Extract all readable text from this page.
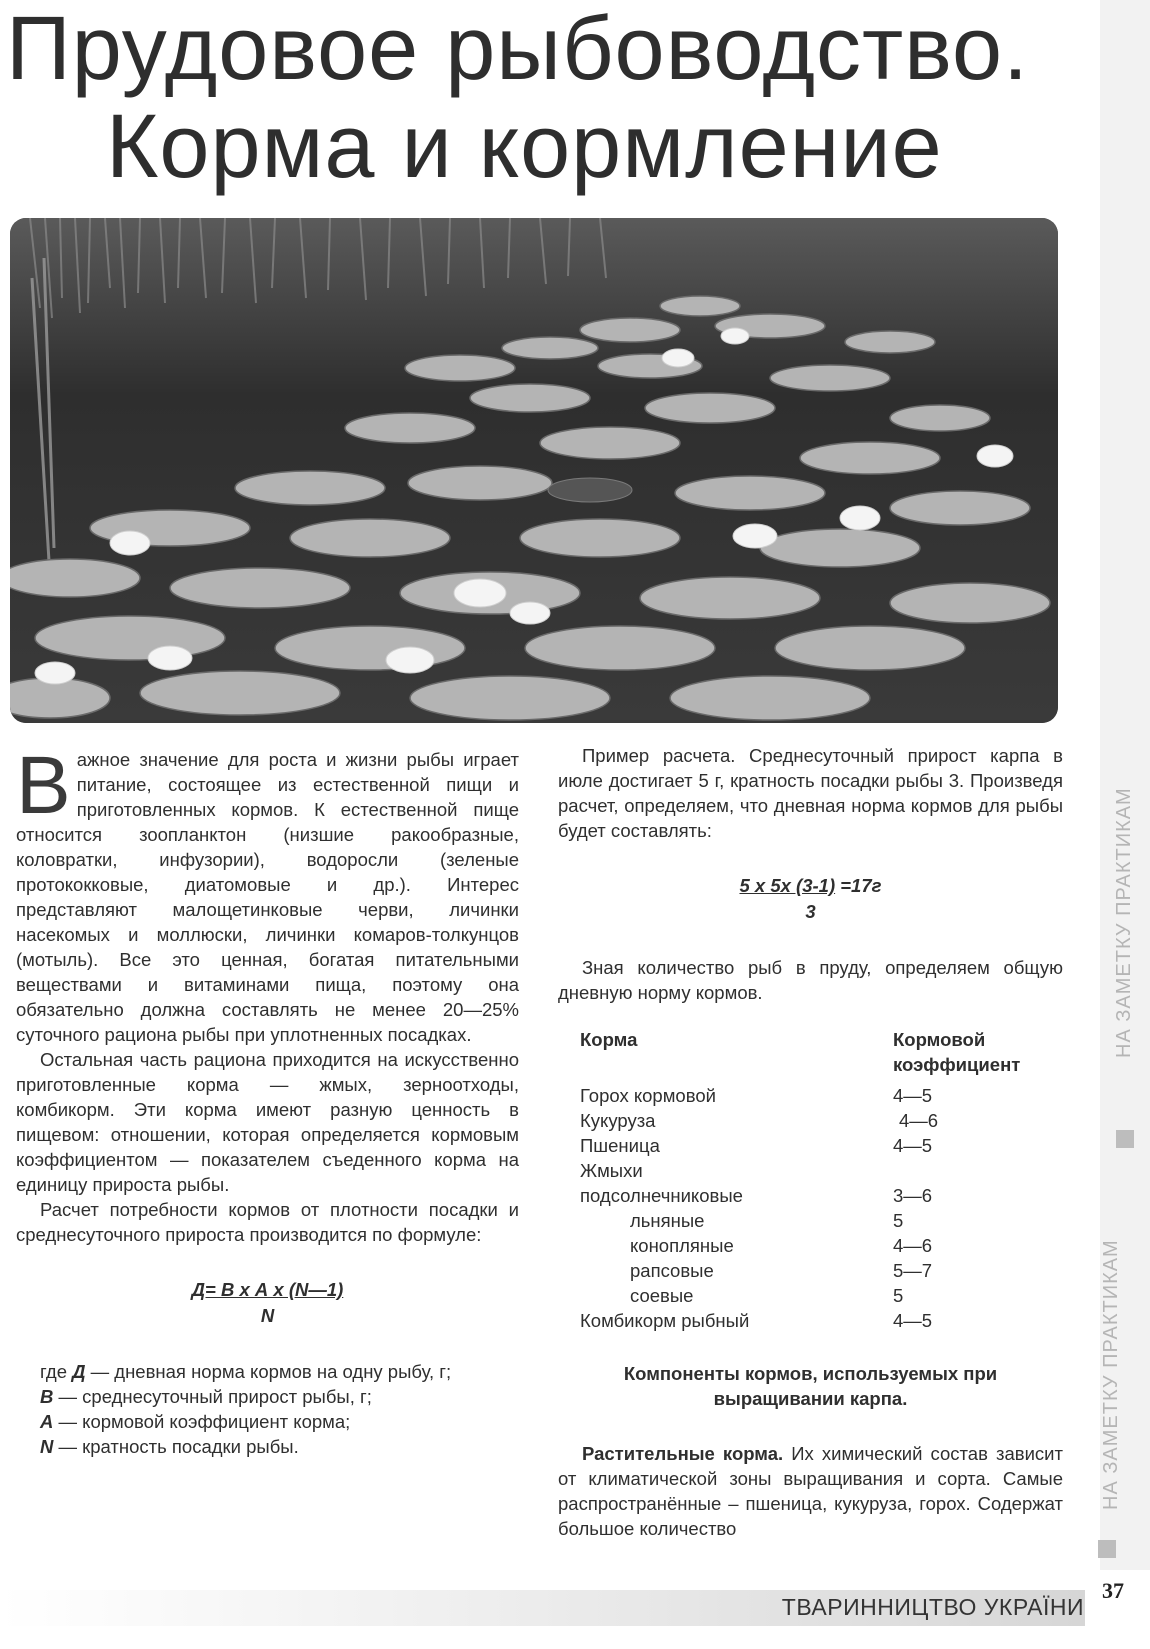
Прудовое рыбоводство.
Корма и кормление

Важное значение для роста и жизни рыбы играет питание, состоящее из естественной пищи и приготовленных кормов. К естественной пище относится зоопланктон (низшие ракообразные, коловратки, инфузории), водоросли (зеленые протококковые, диатомовые и др.). Интерес представляют малощетинковые черви, личинки насекомых и моллюски, личинки комаров-толкунцов (мотыль). Все это ценная, богатая питательными веществами и витаминами пища, поэтому она обязательно должна составлять не менее 20—25% суточного рациона рыбы при уплотненных посадках.

Остальная часть рациона приходится на искусственно приготовленные корма — жмых, зерноотходы, комбикорм. Эти корма имеют разную ценность в пищевом: отношении, которая определяется кормовым коэффициентом — показателем съеденного корма на единицу прироста рыбы.

Расчет потребности кормов от плотности посадки и среднесуточного прироста производится по формуле:

Д= В x А x (N—1)
N
где Д — дневная норма кормов на одну рыбу, г;
В — среднесуточный прирост рыбы, г;
А — кормовой коэффициент корма;
N — кратность посадки рыбы.

Пример расчета. Среднесуточный прирост карпа в июле достигает 5 г, кратность посадки рыбы 3. Произведя расчет, определяем, что дневная норма кормов для рыбы будет составлять:

5 x 5x (3-1) =17г
3

Зная количество рыб в пруду, определяем общую дневную норму кормов.

Корма	Кормовой
коэффициент
Горох кормовой	4—5
Кукуруза	4—6
Пшеница	4—5
Жмыхи	
подсолнечниковые	3—6
льняные	5
конопляные	4—6
рапсовые	5—7
соевые	5
Комбикорм рыбный	4—5
Компоненты кормов, используемых при выращивании карпа.

Растительные корма. Их химический состав зависит от климатической зоны выращивания и сорта. Самые распространённые – пшеница, кукуруза, горох. Содержат большое количество

НА ЗАМЕТКУ ПРАКТИКАМ
НА ЗАМЕТКУ ПРАКТИКАМ
ТВАРИННИЦТВО УКРАЇНИ
37
